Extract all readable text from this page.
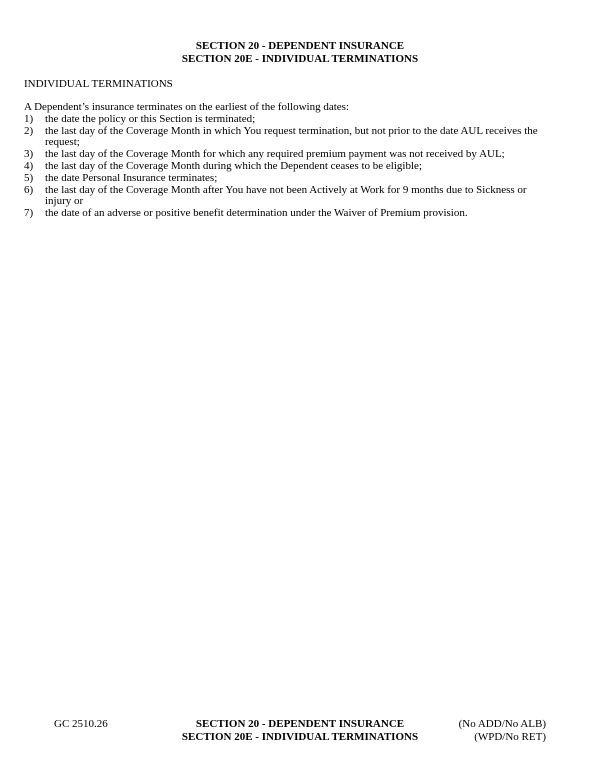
SECTION 20 - DEPENDENT INSURANCE
SECTION 20E - INDIVIDUAL TERMINATIONS
INDIVIDUAL TERMINATIONS

A Dependent’s insurance terminates on the earliest of the following dates:

1)	the date the policy or this Section is terminated;
2)	the last day of the Coverage Month in which You request termination, but not prior to the date AUL receives the request;
3)	the last day of the Coverage Month for which any required premium payment was not received by AUL;
4)	the last day of the Coverage Month during which the Dependent ceases to be eligible;
5)	the date Personal Insurance terminates;
6)	the last day of the Coverage Month after You have not been Actively at Work for 9 months due to Sickness or injury or
7)	the date of an adverse or positive benefit determination under the Waiver of Premium provision.
GC 2510.26	SECTION 20 - DEPENDENT INSURANCE
SECTION 20E - INDIVIDUAL TERMINATIONS
(No ADD/No ALB)
(WPD/No RET)
